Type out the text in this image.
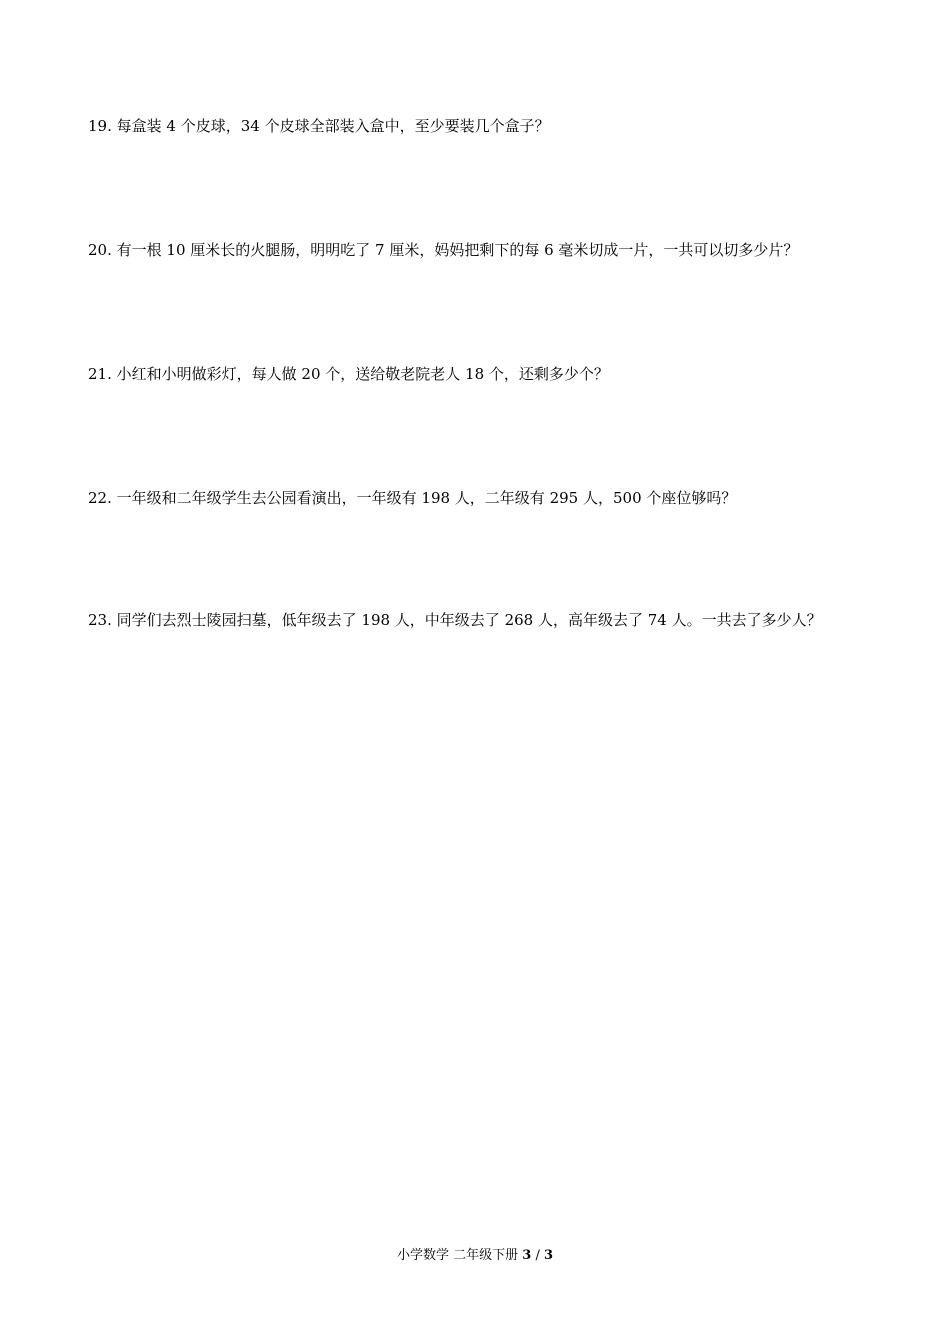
19. 每盒装 4 个皮球，34 个皮球全部装入盒中，至少要装几个盒子？
20. 有一根 10 厘米长的火腿肠，明明吃了 7 厘米，妈妈把剩下的每 6 毫米切成一片，一共可以切多少片？
21. 小红和小明做彩灯，每人做 20 个，送给敬老院老人 18 个，还剩多少个？
22. 一年级和二年级学生去公园看演出，一年级有 198 人，二年级有 295 人，500 个座位够吗？
23. 同学们去烈士陵园扫墓，低年级去了 198 人，中年级去了 268 人，高年级去了 74 人。一共去了多少人？
小学数学 二年级下册 3 / 3
